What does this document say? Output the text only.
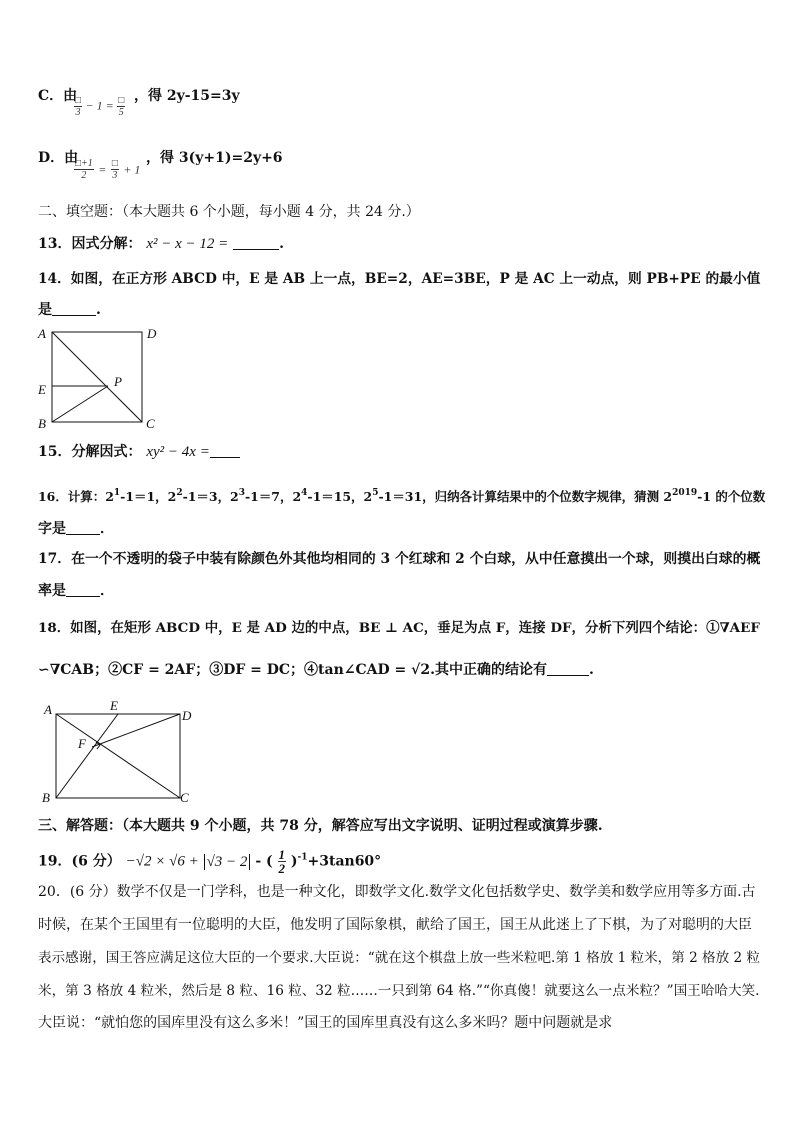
C．由
$\frac{□}{3} - 1 = \frac{□}{5}$ ，得 2y-15=3y
D．由
$\frac{□+1}{2} = \frac{□}{3} + 1$
，得 3(y+1)=2y+6
二、填空题：（本大题共 6 个小题，每小题 4 分，共 24 分.）
13．因式分解： x² − x − 12 =	.
14．如图，在正方形 ABCD 中，E 是 AB 上一点，BE=2，AE=3BE，P 是 AC 上一动点，则 PB+PE 的最小值
是	.
A	D
E
P
B	C
15．分解因式： xy² − 4x =
16．计算：$2^1-1=1$，$2^2-1=3$，$2^3-1=7$，$2^4-1=15$，$2^5-1=31$，归纳各计算结果中的个位数字规律，猜测 $2^{2019}-1$ 的个位数
字是 ．
17．在一个不透明的袋子中装有除颜色外其他均相同的 3 个红球和 2 个白球，从中任意摸出一个球，则摸出白球的概
率是 ．
18．如图，在矩形 ABCD 中，E 是 AD 边的中点，BE ⊥ AC，垂足为点 F，连接 DF，分析下列四个结论：①∇AEF
∽∇CAB；②CF = 2AF；③DF = DC；④tan∠CAD = √2.其中正确的结论有	.
A	E
D
F
B	C
三、解答题：（本大题共 9 个小题，共 78 分，解答应写出文字说明、证明过程或演算步骤.
19．(6 分） −√2 × √6 + √3 − 2 - ( $\frac{1}{2} )^{-1}+3\tan 60^\circ$
20．(6 分）数学不仅是一门学科，也是一种文化，即数学文化.数学文化包括数学史、数学美和数学应用等多方面.古
时候，在某个王国里有一位聪明的大臣，他发明了国际象棋，献给了国王，国王从此迷上了下棋，为了对聪明的大臣
表示感谢，国王答应满足这位大臣的一个要求.大臣说：“就在这个棋盘上放一些米粒吧.第 1 格放 1 粒米，第 2 格放 2 粒
米，第 3 格放 4 粒米，然后是 8 粒、16 粒、32 粒……一只到第 64 格.”“你真傻！就要这么一点米粒？”国王哈哈大笑.
大臣说：“就怕您的国库里没有这么多米！”国王的国库里真没有这么多米吗？题中问题就是求
